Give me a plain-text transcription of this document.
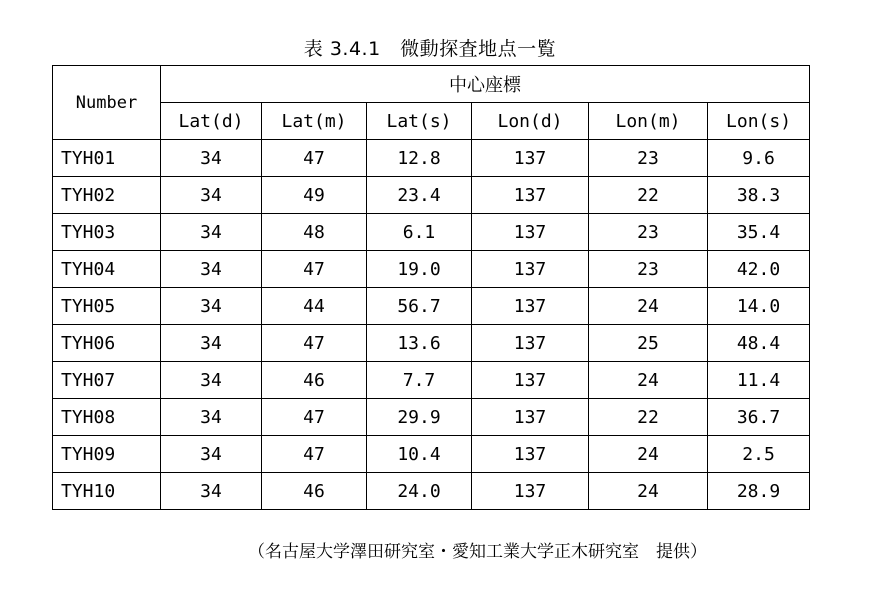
表 3.4.1　微動探査地点一覧
Number	中心座標					
	Lat(d)	Lat(m)	Lat(s)	Lon(d)	Lon(m)	Lon(s)
TYH01	34	47	12.8	137	23	9.6
TYH02	34	49	23.4	137	22	38.3
TYH03	34	48	6.1	137	23	35.4
TYH04	34	47	19.0	137	23	42.0
TYH05	34	44	56.7	137	24	14.0
TYH06	34	47	13.6	137	25	48.4
TYH07	34	46	7.7	137	24	11.4
TYH08	34	47	29.9	137	22	36.7
TYH09	34	47	10.4	137	24	2.5
TYH10	34	46	24.0	137	24	28.9
（名古屋大学澤田研究室・愛知工業大学正木研究室　提供）
